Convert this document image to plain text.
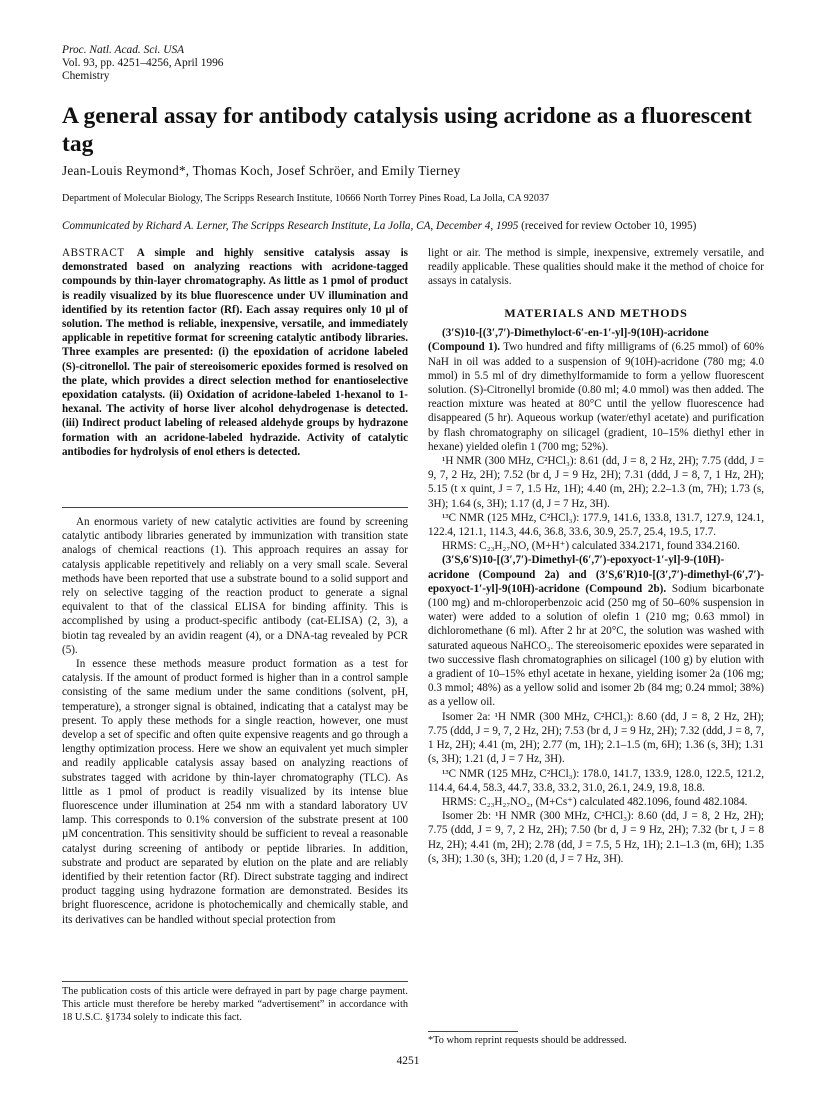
Proc. Natl. Acad. Sci. USA
Vol. 93, pp. 4251–4256, April 1996
Chemistry
A general assay for antibody catalysis using acridone as a fluorescent tag
Jean-Louis Reymond*, Thomas Koch, Josef Schröer, and Emily Tierney
Department of Molecular Biology, The Scripps Research Institute, 10666 North Torrey Pines Road, La Jolla, CA 92037
Communicated by Richard A. Lerner, The Scripps Research Institute, La Jolla, CA, December 4, 1995 (received for review October 10, 1995)
ABSTRACT A simple and highly sensitive catalysis assay is demonstrated based on analyzing reactions with acridone-tagged compounds by thin-layer chromatography. As little as 1 pmol of product is readily visualized by its blue fluorescence under UV illumination and identified by its retention factor (Rf). Each assay requires only 10 µl of solution. The method is reliable, inexpensive, versatile, and immediately applicable in repetitive format for screening catalytic antibody libraries. Three examples are presented: (i) the epoxidation of acridone labeled (S)-citronellol. The pair of stereoisomeric epoxides formed is resolved on the plate, which provides a direct selection method for enantioselective epoxidation catalysts. (ii) Oxidation of acridone-labeled 1-hexanol to 1-hexanal. The activity of horse liver alcohol dehydrogenase is detected. (iii) Indirect product labeling of released aldehyde groups by hydrazone formation with an acridone-labeled hydrazide. Activity of catalytic antibodies for hydrolysis of enol ethers is detected.

An enormous variety of new catalytic activities are found by screening catalytic antibody libraries generated by immunization with transition state analogs of chemical reactions (1). This approach requires an assay for catalysis applicable repetitively and reliably on a very small scale. Several methods have been reported that use a substrate bound to a solid support and rely on selective tagging of the reaction product to generate a signal equivalent to that of the classical ELISA for binding affinity. This is accomplished by using a product-specific antibody (cat-ELISA) (2, 3), a biotin tag revealed by an avidin reagent (4), or a DNA-tag revealed by PCR (5).

In essence these methods measure product formation as a test for catalysis. If the amount of product formed is higher than in a control sample consisting of the same medium under the same conditions (solvent, pH, temperature), a stronger signal is obtained, indicating that a catalyst may be present. To apply these methods for a single reaction, however, one must develop a set of specific and often quite expensive reagents and go through a lengthy optimization process. Here we show an equivalent yet much simpler and readily applicable catalysis assay based on analyzing reactions of substrates tagged with acridone by thin-layer chromatography (TLC). As little as 1 pmol of product is readily visualized by its intense blue fluorescence under illumination at 254 nm with a standard laboratory UV lamp. This corresponds to 0.1% conversion of the substrate present at 100 µM concentration. This sensitivity should be sufficient to reveal a reasonable catalyst during screening of antibody or peptide libraries. In addition, substrate and product are separated by elution on the plate and are reliably identified by their retention factor (Rf). Direct substrate tagging and indirect product tagging using hydrazone formation are demonstrated. Besides its bright fluorescence, acridone is photochemically and chemically stable, and its derivatives can be handled without special protection from

The publication costs of this article were defrayed in part by page charge payment. This article must therefore be hereby marked “advertisement” in accordance with 18 U.S.C. §1734 solely to indicate this fact.
light or air. The method is simple, inexpensive, extremely versatile, and readily applicable. These qualities should make it the method of choice for assays in catalysis.
MATERIALS AND METHODS

(3′S)10-[(3′,7′)-Dimethyloct-6′-en-1′-yl]-9(10H)-acridone (Compound 1). Two hundred and fifty milligrams of (6.25 mmol) of 60% NaH in oil was added to a suspension of 9(10H)-acridone (780 mg; 4.0 mmol) in 5.5 ml of dry dimethylformamide to form a yellow fluorescent solution. (S)-Citronellyl bromide (0.80 ml; 4.0 mmol) was then added. The reaction mixture was heated at 80°C until the yellow fluorescence had disappeared (5 hr). Aqueous workup (water/ethyl acetate) and purification by flash chromatography on silicagel (gradient, 10–15% diethyl ether in hexane) yielded olefin 1 (700 mg; 52%).

¹H NMR (300 MHz, C²HCl₃): 8.61 (dd, J = 8, 2 Hz, 2H); 7.75 (ddd, J = 9, 7, 2 Hz, 2H); 7.52 (br d, J = 9 Hz, 2H); 7.31 (ddd, J = 8, 7, 1 Hz, 2H); 5.15 (t x quint, J = 7, 1.5 Hz, 1H); 4.40 (m, 2H); 2.2–1.3 (m, 7H); 1.73 (s, 3H); 1.64 (s, 3H); 1.17 (d, J = 7 Hz, 3H).

¹³C NMR (125 MHz, C²HCl₃): 177.9, 141.6, 133.8, 131.7, 127.9, 124.1, 122.4, 121.1, 114.3, 44.6, 36.8, 33.6, 30.9, 25.7, 25.4, 19.5, 17.7.

HRMS: C₂₃H₂₇NO, (M+H⁺) calculated 334.2171, found 334.2160.

(3′S,6′S)10-[(3′,7′)-Dimethyl-(6′,7′)-epoxyoct-1′-yl]-9-(10H)-acridone (Compound 2a) and (3′S,6′R)10-[(3′,7′)-dimethyl-(6′,7′)-epoxyoct-1′-yl]-9(10H)-acridone (Compound 2b). Sodium bicarbonate (100 mg) and m-chloroperbenzoic acid (250 mg of 50–60% suspension in water) were added to a solution of olefin 1 (210 mg; 0.63 mmol) in dichloromethane (6 ml). After 2 hr at 20°C, the solution was washed with saturated aqueous NaHCO₃. The stereoisomeric epoxides were separated in two successive flash chromatographies on silicagel (100 g) by elution with a gradient of 10–15% ethyl acetate in hexane, yielding isomer 2a (106 mg; 0.3 mmol; 48%) as a yellow solid and isomer 2b (84 mg; 0.24 mmol; 38%) as a yellow oil.

Isomer 2a: ¹H NMR (300 MHz, C²HCl₃): 8.60 (dd, J = 8, 2 Hz, 2H); 7.75 (ddd, J = 9, 7, 2 Hz, 2H); 7.53 (br d, J = 9 Hz, 2H); 7.32 (ddd, J = 8, 7, 1 Hz, 2H); 4.41 (m, 2H); 2.77 (m, 1H); 2.1–1.5 (m, 6H); 1.36 (s, 3H); 1.31 (s, 3H); 1.21 (d, J = 7 Hz, 3H).

¹³C NMR (125 MHz, C²HCl₃): 178.0, 141.7, 133.9, 128.0, 122.5, 121.2, 114.4, 64.4, 58.3, 44.7, 33.8, 33.2, 31.0, 26.1, 24.9, 19.8, 18.8.

HRMS: C₂₃H₂₇NO₂, (M+Cs⁺) calculated 482.1096, found 482.1084.

Isomer 2b: ¹H NMR (300 MHz, C²HCl₃): 8.60 (dd, J = 8, 2 Hz, 2H); 7.75 (ddd, J = 9, 7, 2 Hz, 2H); 7.50 (br d, J = 9 Hz, 2H); 7.32 (br t, J = 8 Hz, 2H); 4.41 (m, 2H); 2.78 (dd, J = 7.5, 5 Hz, 1H); 2.1–1.3 (m, 6H); 1.35 (s, 3H); 1.30 (s, 3H); 1.20 (d, J = 7 Hz, 3H).

*To whom reprint requests should be addressed.
4251
